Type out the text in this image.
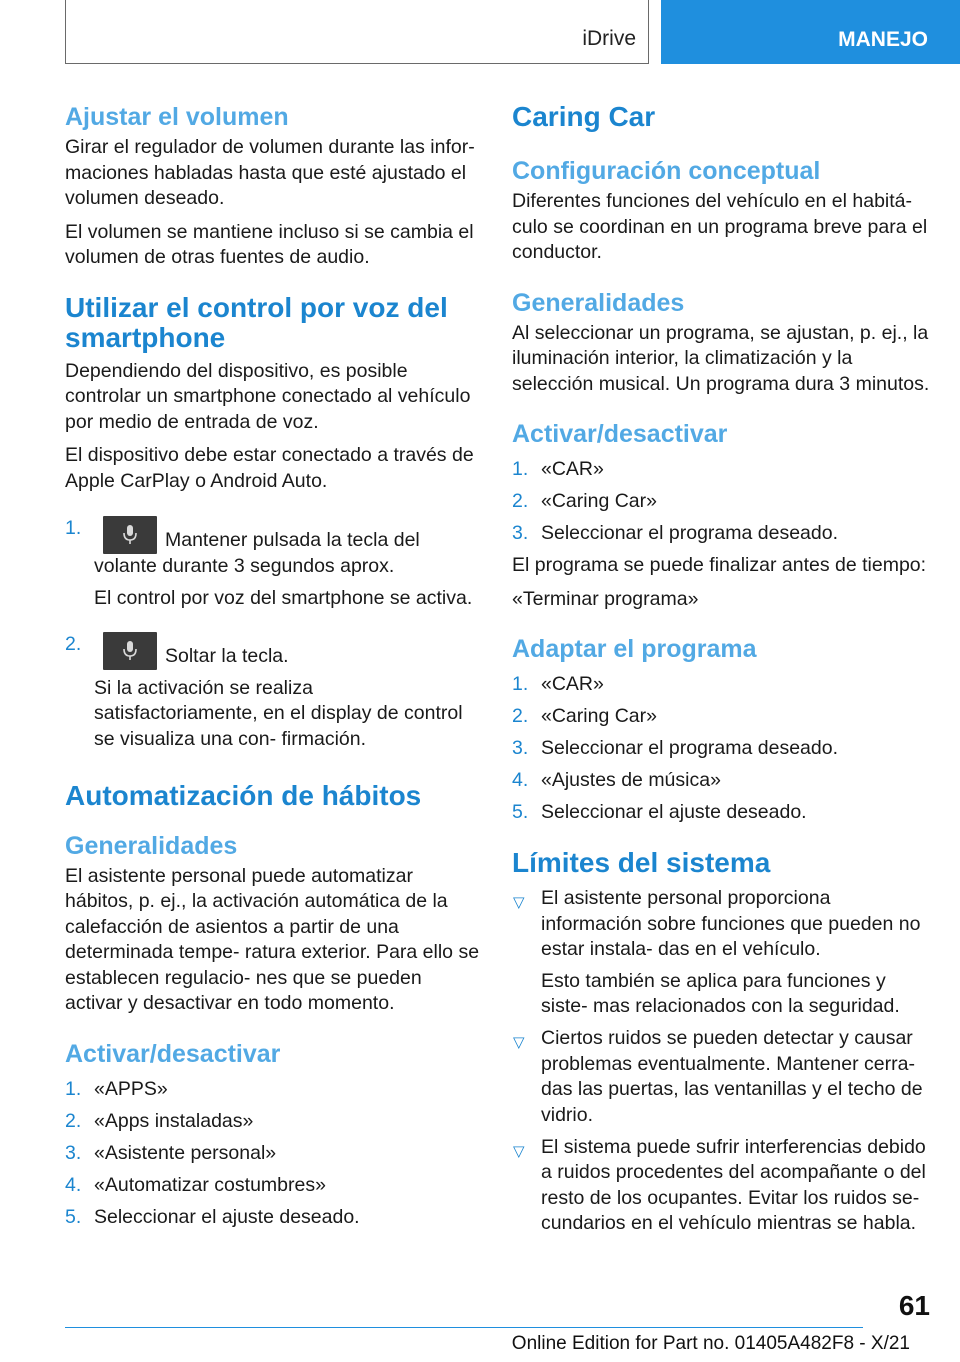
iDrive	MANEJO
Ajustar el volumen

Girar el regulador de volumen durante las infor- maciones habladas hasta que esté ajustado el volumen deseado.

El volumen se mantiene incluso si se cambia el volumen de otras fuentes de audio.

Utilizar el control por voz del smartphone

Dependiendo del dispositivo, es posible controlar un smartphone conectado al vehículo por medio de entrada de voz.

El dispositivo debe estar conectado a través de Apple CarPlay o Android Auto.

1.
Mantener pulsada la tecla del volante durante 3 segundos aprox.

El control por voz del smartphone se activa.

2.
Soltar la tecla.

Si la activación se realiza satisfactoriamente, en el display de control se visualiza una con- firmación.

Automatización de hábitos
Generalidades

El asistente personal puede automatizar hábitos, p. ej., la activación automática de la calefacción de asientos a partir de una determinada tempe- ratura exterior. Para ello se establecen regulacio- nes que se pueden activar y desactivar en todo momento.

Activar/desactivar
1. «APPS»
2. «Apps instaladas»
3. «Asistente personal»
4. «Automatizar costumbres»
5. Seleccionar el ajuste deseado.
Caring Car
Configuración conceptual

Diferentes funciones del vehículo en el habitá- culo se coordinan en un programa breve para el conductor.

Generalidades

Al seleccionar un programa, se ajustan, p. ej., la iluminación interior, la climatización y la selección musical. Un programa dura 3 minutos.

Activar/desactivar
1. «CAR»
2. «Caring Car»
3. Seleccionar el programa deseado.

El programa se puede finalizar antes de tiempo:

«Terminar programa»

Adaptar el programa
1. «CAR»
2. «Caring Car»
3. Seleccionar el programa deseado.
4. «Ajustes de música»
5. Seleccionar el ajuste deseado.
Límites del sistema
▽ El asistente personal proporciona información sobre funciones que pueden no estar instala- das en el vehículo.

Esto también se aplica para funciones y siste- mas relacionados con la seguridad.

▽ Ciertos ruidos se pueden detectar y causar problemas eventualmente. Mantener cerra- das las puertas, las ventanillas y el techo de vidrio.
▽ El sistema puede sufrir interferencias debido a ruidos procedentes del acompañante o del resto de los ocupantes. Evitar los ruidos se- cundarios en el vehículo mientras se habla.
61
Online Edition for Part no. 01405A482F8 - X/21
